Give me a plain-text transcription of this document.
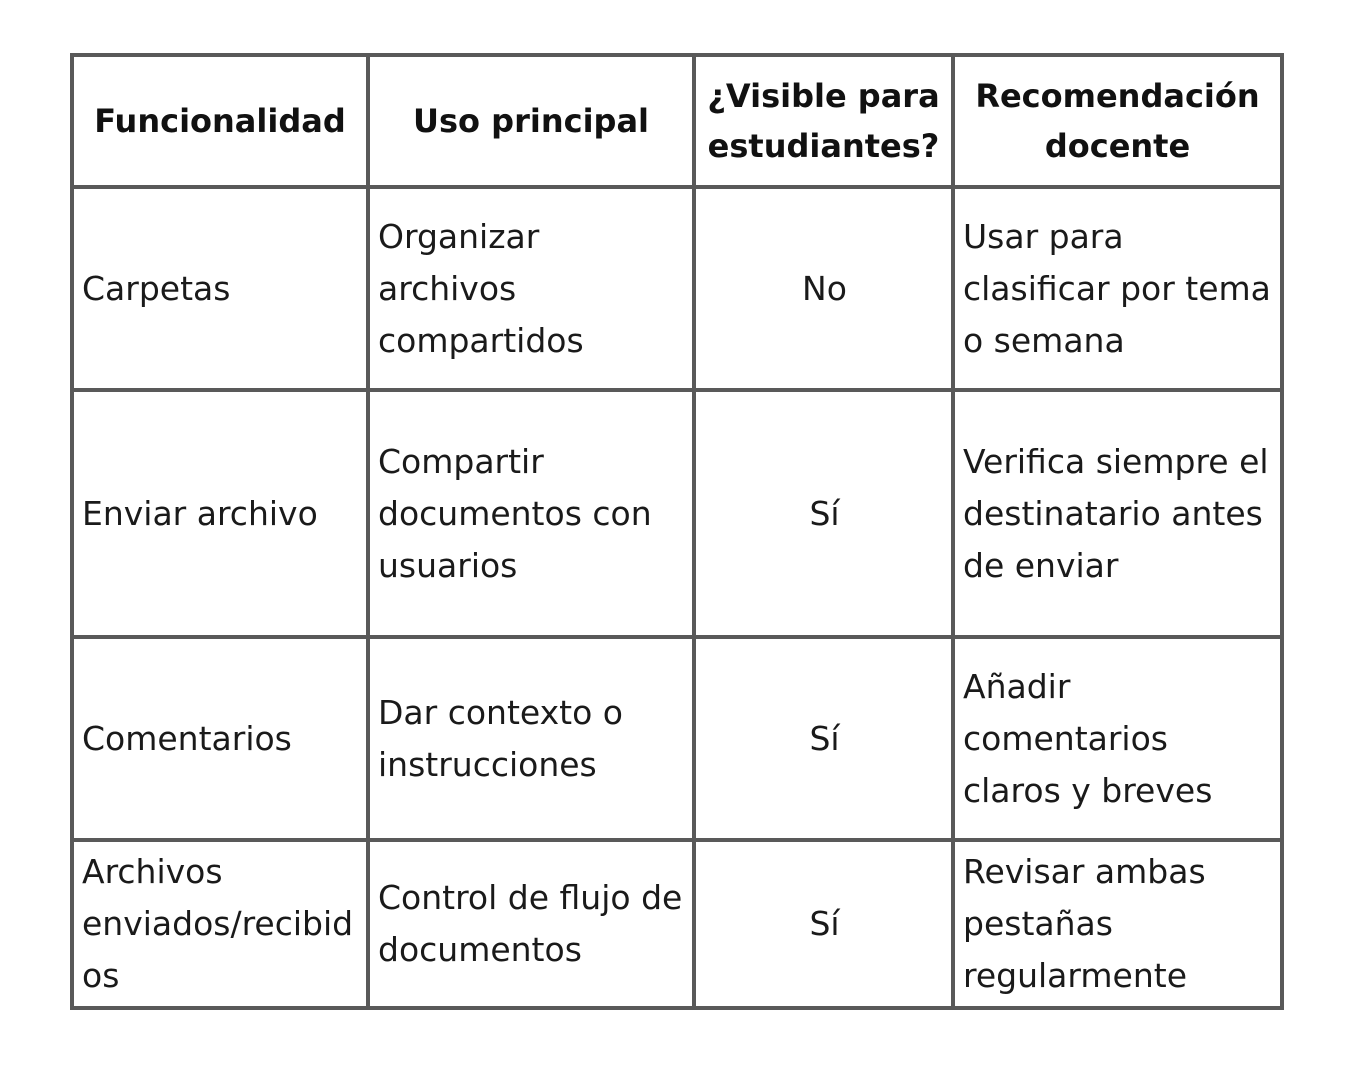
Funcionalidad	Uso principal	¿Visible para estudiantes?	Recomendación docente
Carpetas	Organizar archivos compartidos	No	Usar para clasificar por tema o semana
Enviar archivo	Compartir documentos con usuarios	Sí	Verifica siempre el destinatario antes de enviar
Comentarios	Dar contexto o instrucciones	Sí	Añadir comentarios claros y breves
Archivos enviados/recibidos	Control de flujo de documentos	Sí	Revisar ambas pestañas regularmente
